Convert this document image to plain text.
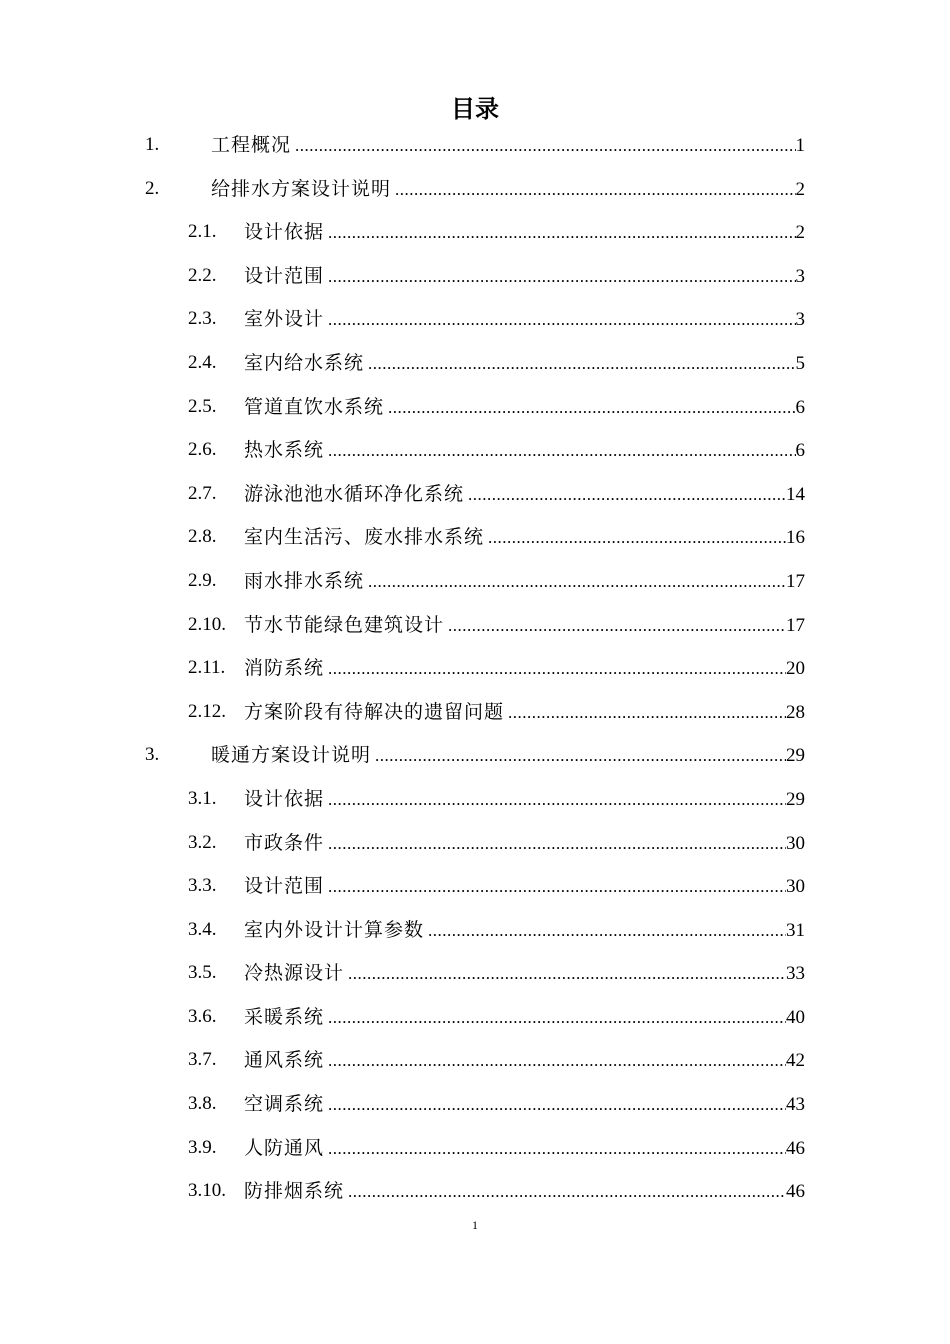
目录
1.	工程概况 .....	1
2.	给排水方案设计说明 .....	2
2.1. 设计依据 .....	2
2.2. 设计范围 .....	3
2.3. 室外设计 .....	3
2.4. 室内给水系统 .....	5
2.5. 管道直饮水系统 .....	6
2.6. 热水系统 .....	6
2.7. 游泳池池水循环净化系统 .....	14
2.8. 室内生活污、废水排水系统 .....	16
2.9. 雨水排水系统 .....	17
2.10. 节水节能绿色建筑设计 .....	17
2.11. 消防系统 .....	20
2.12. 方案阶段有待解决的遗留问题 .....	28
3.	暖通方案设计说明 .....	29
3.1. 设计依据 .....	29
3.2. 市政条件 .....	30
3.3. 设计范围 .....	30
3.4. 室内外设计计算参数 .....	31
3.5. 冷热源设计 .....	33
3.6. 采暖系统 .....	40
3.7. 通风系统 .....	42
3.8. 空调系统 .....	43
3.9. 人防通风 .....	46
3.10. 防排烟系统 .....	46
1
